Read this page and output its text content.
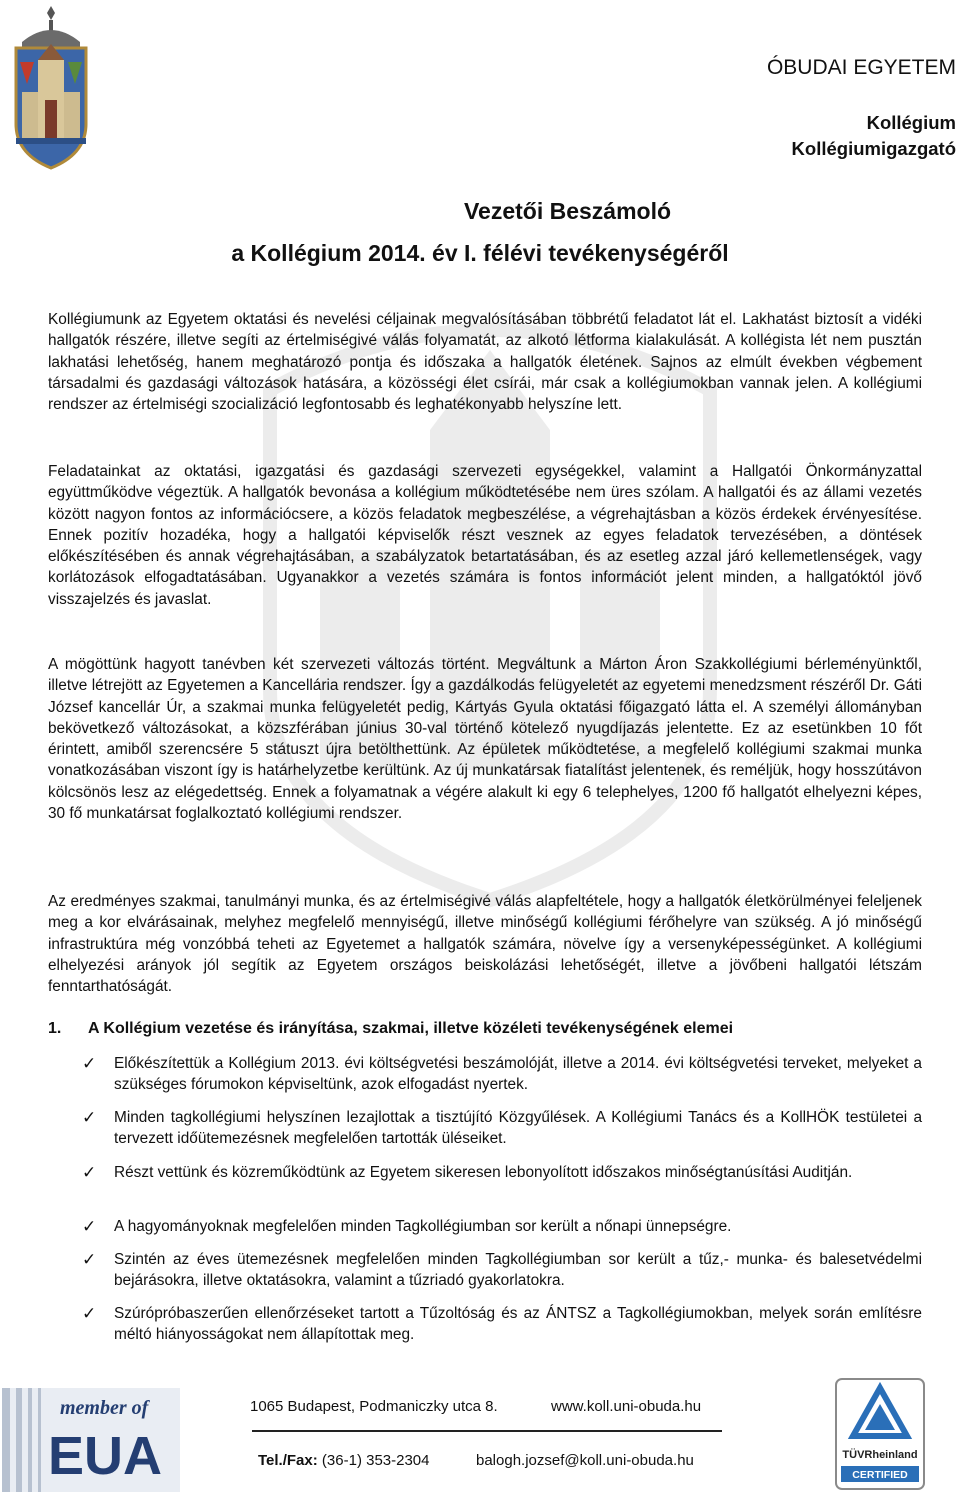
ÓBUDAI EGYETEM
Kollégium
Kollégiumigazgató
Vezetői Beszámoló
a Kollégium 2014. év I. félévi tevékenységéről

Kollégiumunk az Egyetem oktatási és nevelési céljainak megvalósításában többrétű feladatot lát el. Lakhatást biztosít a vidéki hallgatók részére, illetve segíti az értelmiségivé válás folyamatát, az alkotó létforma kialakulását. A kollégista lét nem pusztán lakhatási lehetőség, hanem meghatározó pontja és időszaka a hallgatók életének. Sajnos az elmúlt években végbement társadalmi és gazdasági változások hatására, a közösségi élet csírái, már csak a kollégiumokban vannak jelen. A kollégiumi rendszer az értelmiségi szocializáció legfontosabb és leghatékonyabb helyszíne lett.

Feladatainkat az oktatási, igazgatási és gazdasági szervezeti egységekkel, valamint a Hallgatói Önkormányzattal együttműködve végeztük. A hallgatók bevonása a kollégium működtetésébe nem üres szólam. A hallgatói és az állami vezetés között nagyon fontos az információcsere, a közös feladatok megbeszélése, a végrehajtásban a közös érdekek érvényesítése. Ennek pozitív hozadéka, hogy a hallgatói képviselők részt vesznek az egyes feladatok tervezésében, a döntések előkészítésében és annak végrehajtásában, a szabályzatok betartatásában, és az esetleg azzal járó kellemetlenségek, vagy korlátozások elfogadtatásában. Ugyanakkor a vezetés számára is fontos információt jelent minden, a hallgatóktól jövő visszajelzés és javaslat.

A mögöttünk hagyott tanévben két szervezeti változás történt. Megváltunk a Márton Áron Szakkollégiumi bérleményünktől, illetve létrejött az Egyetemen a Kancellária rendszer. Így a gazdálkodás felügyeletét az egyetemi menedzsment részéről Dr. Gáti József kancellár Úr, a szakmai munka felügyeletét pedig, Kártyás Gyula oktatási főigazgató látta el. A személyi állományban bekövetkező változásokat, a közszférában június 30-val történő kötelező nyugdíjazás jelentette. Ez az esetünkben 10 főt érintett, amiből szerencsére 5 státuszt újra betölthettünk. Az épületek működtetése, a megfelelő kollégiumi szakmai munka vonatkozásában viszont így is határhelyzetbe kerültünk. Az új munkatársak fiatalítást jelentenek, és reméljük, hogy hosszútávon kölcsönös lesz az elégedettség. Ennek a folyamatnak a végére alakult ki egy 6 telephelyes, 1200 fő hallgatót elhelyezni képes, 30 fő munkatársat foglalkoztató kollégiumi rendszer.

Az eredményes szakmai, tanulmányi munka, és az értelmiségivé válás alapfeltétele, hogy a hallgatók életkörülményei feleljenek meg a kor elvárásainak, melyhez megfelelő mennyiségű, illetve minőségű kollégiumi férőhelyre van szükség. A jó minőségű infrastruktúra még vonzóbbá teheti az Egyetemet a hallgatók számára, növelve így a versenyképességünket. A kollégiumi elhelyezési arányok jól segítik az Egyetem országos beiskolázási lehetőségét, illetve a jövőbeni hallgatói létszám fenntarthatóságát.

1. A Kollégium vezetése és irányítása, szakmai, illetve közéleti tevékenységének elemei
✓ Előkészítettük a Kollégium 2013. évi költségvetési beszámolóját, illetve a 2014. évi költségvetési terveket, melyeket a szükséges fórumokon képviseltünk, azok elfogadást nyertek.
✓ Minden tagkollégiumi helyszínen lezajlottak a tisztújító Közgyűlések. A Kollégiumi Tanács és a KollHÖK testületei a tervezett időütemezésnek megfelelően tartották üléseiket.
✓ Részt vettünk és közreműködtünk az Egyetem sikeresen lebonyolított időszakos minőségtanúsítási Auditján.
✓ A hagyományoknak megfelelően minden Tagkollégiumban sor került a nőnapi ünnepségre.
✓ Szintén az éves ütemezésnek megfelelően minden Tagkollégiumban sor került a tűz,- munka- és balesetvédelmi bejárásokra, illetve oktatásokra, valamint a tűzriadó gyakorlatokra.
✓ Szúrópróbaszerűen ellenőrzéseket tartott a Tűzoltóság és az ÁNTSZ a Tagkollégiumokban, melyek során említésre méltó hiányosságokat nem állapítottak meg.
member of
EUA
1065 Budapest, Podmaniczky utca 8.	www.koll.uni-obuda.hu
Tel./Fax: (36-1) 353-2304	balogh.jozsef@koll.uni-obuda.hu	TÜVRheinland
CERTIFIED
